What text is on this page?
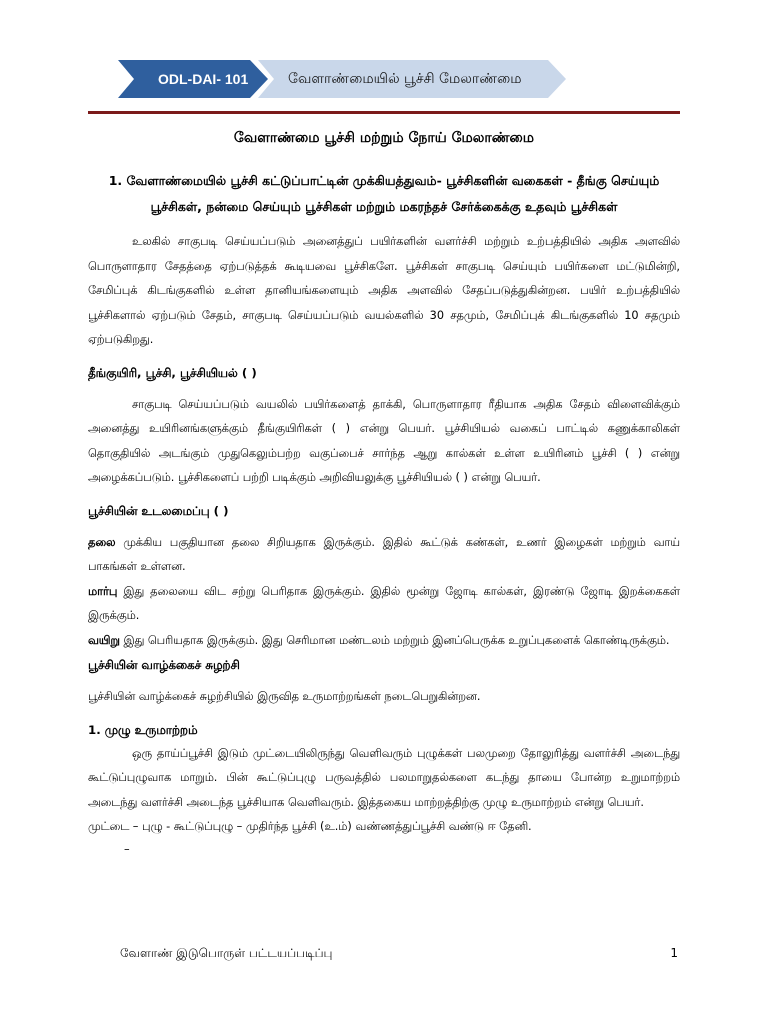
ODL-DAI- 101	வேளாண்மையில் பூச்சி மேலாண்மை
வேளாண்மை பூச்சி மற்றும் நோய் மேலாண்மை
1. வேளாண்மையில் பூச்சி கட்டுப்பாட்டின் முக்கியத்துவம்- பூச்சிகளின் வகைகள் - தீங்கு செய்யும் பூச்சிகள், நன்மை செய்யும் பூச்சிகள் மற்றும் மகரந்தச் சேர்க்கைக்கு உதவும் பூச்சிகள்

உலகில் சாகுபடி செய்யப்படும் அனைத்துப் பயிர்களின் வளர்ச்சி மற்றும் உற்பத்தியில் அதிக அளவில் பொருளாதார சேதத்தை ஏற்படுத்தக் கூடியவை பூச்சிகளே. பூச்சிகள் சாகுபடி செய்யும் பயிர்களை மட்டுமின்றி, சேமிப்புக் கிடங்குகளில் உள்ள தானியங்களையும் அதிக அளவில் சேதப்படுத்துகின்றன. பயிர் உற்பத்தியில் பூச்சிகளால் ஏற்படும் சேதம், சாகுபடி செய்யப்படும் வயல்களில் 30 சதமும், சேமிப்புக் கிடங்குகளில் 10 சதமும் ஏற்படுகிறது.

தீங்குயிரி, பூச்சி, பூச்சியியல் ( )

சாகுபடி செய்யப்படும் வயலில் பயிர்களைத் தாக்கி, பொருளாதார ரீதியாக அதிக சேதம் விளைவிக்கும் அனைத்து உயிரினங்களுக்கும் தீங்குயிரிகள் ( ) என்று பெயர். பூச்சியியல் வகைப் பாட்டில் கணுக்காலிகள் தொகுதியில் அடங்கும் முதுகெலும்பற்ற வகுப்பைச் சார்ந்த ஆறு கால்கள் உள்ள உயிரினம் பூச்சி ( ) என்று அழைக்கப்படும். பூச்சிகளைப் பற்றி படிக்கும் அறிவியலுக்கு பூச்சியியல் ( ) என்று பெயர்.

பூச்சியின் உடலமைப்பு ( )

தலை முக்கிய பகுதியான தலை சிறியதாக இருக்கும். இதில் கூட்டுக் கண்கள், உணர் இழைகள் மற்றும் வாய் பாகங்கள் உள்ளன.

மார்பு இது தலையை விட சற்று பெரிதாக இருக்கும். இதில் மூன்று ஜோடி கால்கள், இரண்டு ஜோடி இறக்கைகள் இருக்கும்.

வயிறு இது பெரியதாக இருக்கும். இது செரிமான மண்டலம் மற்றும் இனப்பெருக்க உறுப்புகளைக் கொண்டிருக்கும்.

பூச்சியின் வாழ்க்கைச் சுழற்சி

பூச்சியின் வாழ்க்கைச் சுழற்சியில் இருவித உருமாற்றங்கள் நடைபெறுகின்றன.

1. முழு உருமாற்றம்

ஒரு தாய்ப்பூச்சி இடும் முட்டையிலிருந்து வெளிவரும் புழுக்கள் பலமுறை தோலுரித்து வளர்ச்சி அடைந்து கூட்டுப்புழுவாக மாறும். பின் கூட்டுப்புழு பருவத்தில் பலமாறுதல்களை கடந்து தாயை போன்ற உறுமாற்றம் அடைந்து வளர்ச்சி அடைந்த பூச்சியாக வெளிவரும். இத்தகைய மாற்றத்திற்கு முழு உருமாற்றம் என்று பெயர்.

முட்டை – புழு - கூட்டுப்புழு – முதிர்ந்த பூச்சி (உ.ம்) வண்ணத்துப்பூச்சி வண்டு ஈ தேனி.

–
வேளாண் இடுபொருள் பட்டயப்படிப்பு	1
